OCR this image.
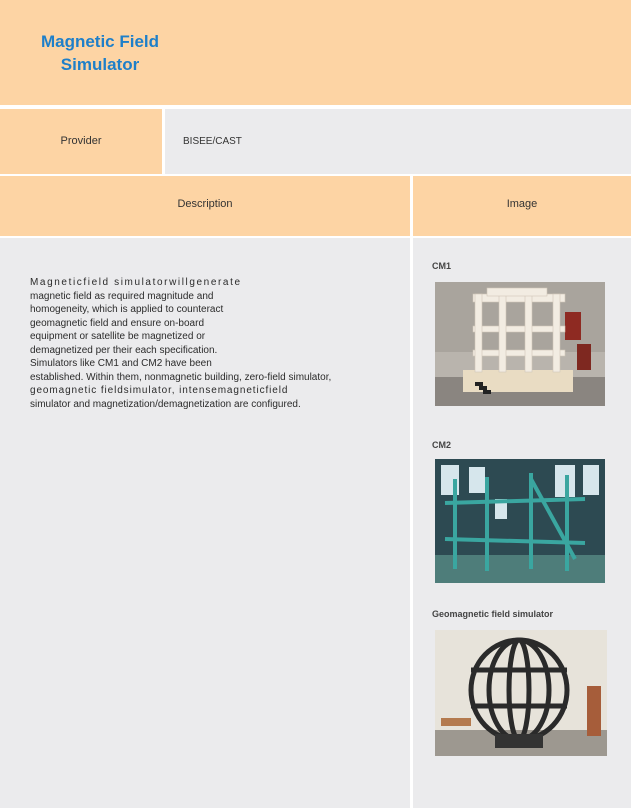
Magnetic Field
Simulator
Provider	BISEE/CAST
Description	Image
Magneticfield simulatorwillgenerate
magnetic field as required magnitude and
homogeneity, which is applied to counteract
geomagnetic field and ensure on-board
equipment or satellite be magnetized or
demagnetized per their each specification.
Simulators like CM1 and CM2 have been
established. Within them, nonmagnetic building, zero-field simulator,
geomagnetic fieldsimulator, intensemagneticfield
simulator and magnetization/demagnetization are configured.
CM1
CM2
Geomagnetic field simulator
